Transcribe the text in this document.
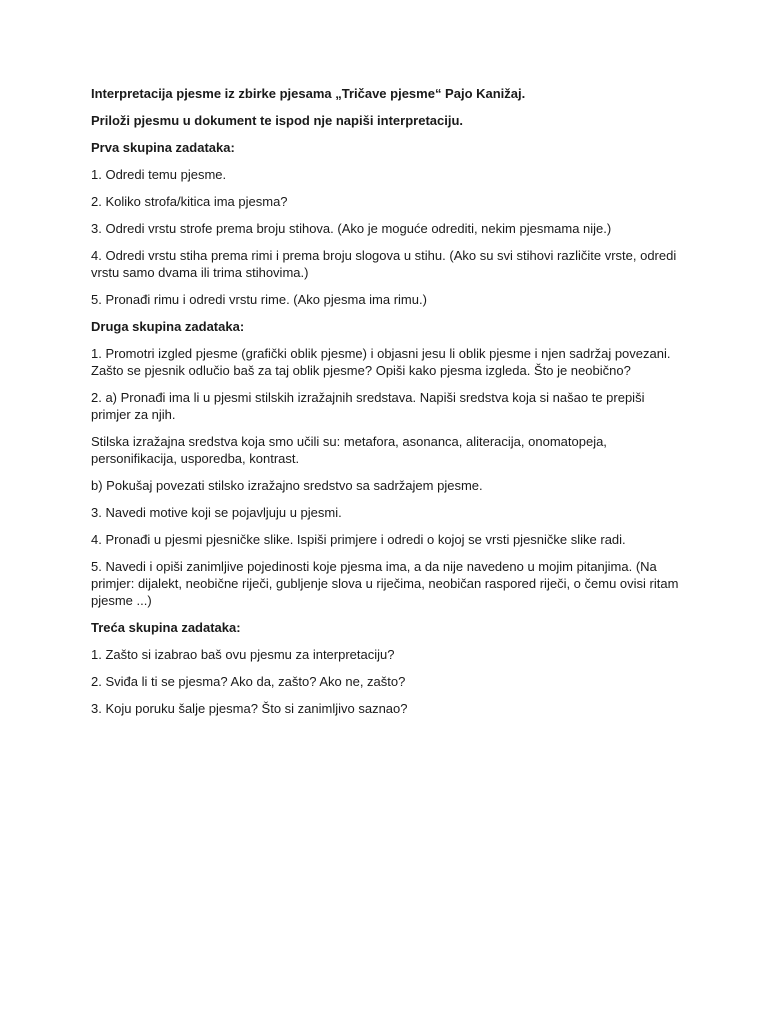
Interpretacija pjesme iz zbirke pjesama „Tričave pjesme“ Pajo Kanižaj.

Priloži pjesmu u dokument te ispod nje napiši interpretaciju.

Prva skupina zadataka:

1. Odredi temu pjesme.

2. Koliko strofa/kitica ima pjesma?

3. Odredi vrstu strofe prema broju stihova. (Ako je moguće odrediti, nekim pjesmama nije.)

4. Odredi vrstu stiha prema rimi i prema broju slogova u stihu. (Ako su svi stihovi različite vrste, odredi vrstu samo dvama ili trima stihovima.)

5. Pronađi rimu i odredi vrstu rime. (Ako pjesma ima rimu.)

Druga skupina zadataka:

1. Promotri izgled pjesme (grafički oblik pjesme) i objasni jesu li oblik pjesme i njen sadržaj povezani. Zašto se pjesnik odlučio baš za taj oblik pjesme? Opiši kako pjesma izgleda. Što je neobično?

2. a) Pronađi ima li u pjesmi stilskih izražajnih sredstava. Napiši sredstva koja si našao te prepiši primjer za njih.

Stilska izražajna sredstva koja smo učili su: metafora, asonanca, aliteracija, onomatopeja, personifikacija, usporedba, kontrast.

b) Pokušaj povezati stilsko izražajno sredstvo sa sadržajem pjesme.

3. Navedi motive koji se pojavljuju u pjesmi.

4. Pronađi u pjesmi pjesničke slike. Ispiši primjere i odredi o kojoj se vrsti pjesničke slike radi.

5. Navedi i opiši zanimljive pojedinosti koje pjesma ima, a da nije navedeno u mojim pitanjima. (Na primjer: dijalekt, neobične riječi, gubljenje slova u riječima, neobičan raspored riječi, o čemu ovisi ritam pjesme ...)

Treća skupina zadataka:

1. Zašto si izabrao baš ovu pjesmu za interpretaciju?

2. Sviđa li ti se pjesma? Ako da, zašto? Ako ne, zašto?

3. Koju poruku šalje pjesma? Što si zanimljivo saznao?
